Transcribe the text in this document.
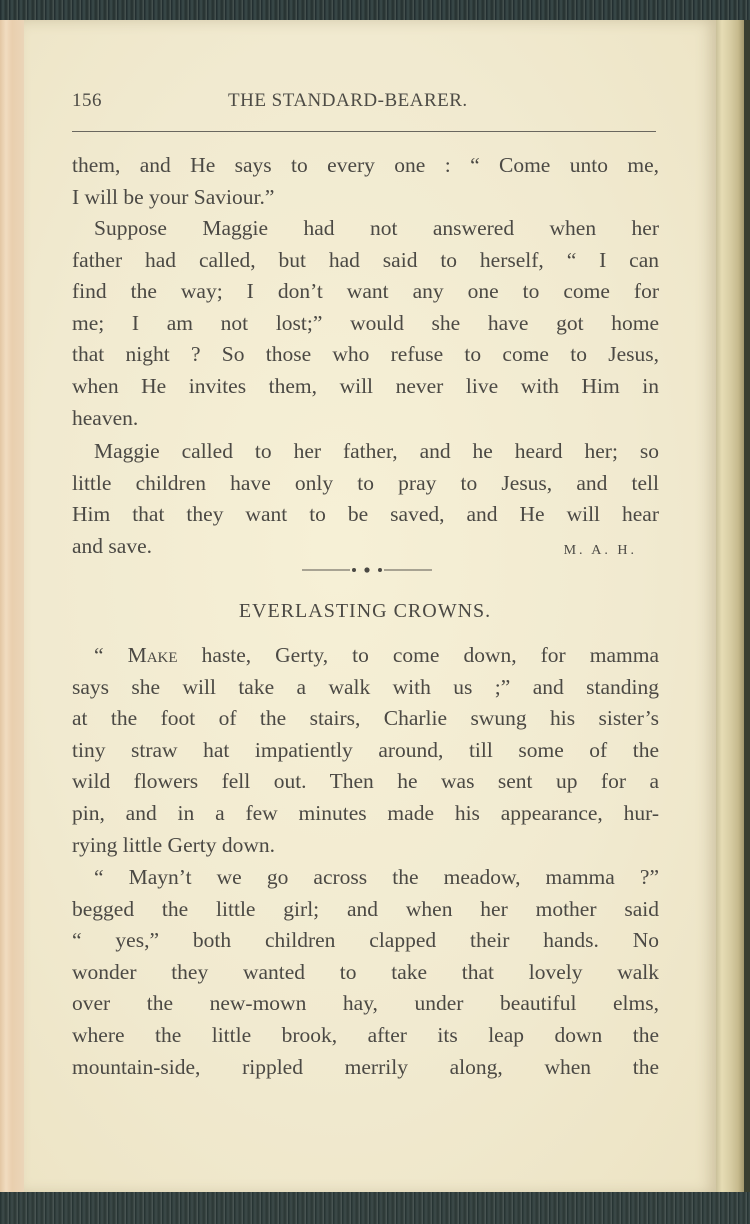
156	THE STANDARD-BEARER.
them, and He says to every one : “ Come unto me,
I will be your Saviour.”
Suppose Maggie had not answered when her
father had called, but had said to herself, “ I can
find the way; I don’t want any one to come for
me; I am not lost;” would she have got home
that night ? So those who refuse to come to Jesus,
when He invites them, will never live with Him in
heaven.
Maggie called to her father, and he heard her; so
little children have only to pray to Jesus, and tell
Him that they want to be saved, and He will hear
and save.	M. A. H.
EVERLASTING CROWNS.
“ Make haste, Gerty, to come down, for mamma
says she will take a walk with us ;” and standing
at the foot of the stairs, Charlie swung his sister’s
tiny straw hat impatiently around, till some of the
wild flowers fell out. Then he was sent up for a
pin, and in a few minutes made his appearance, hur-
rying little Gerty down.
“ Mayn’t we go across the meadow, mamma ?”
begged the little girl; and when her mother said
“ yes,” both children clapped their hands. No
wonder they wanted to take that lovely walk
over the new-mown hay, under beautiful elms,
where the little brook, after its leap down the
mountain-side, rippled merrily along, when the
